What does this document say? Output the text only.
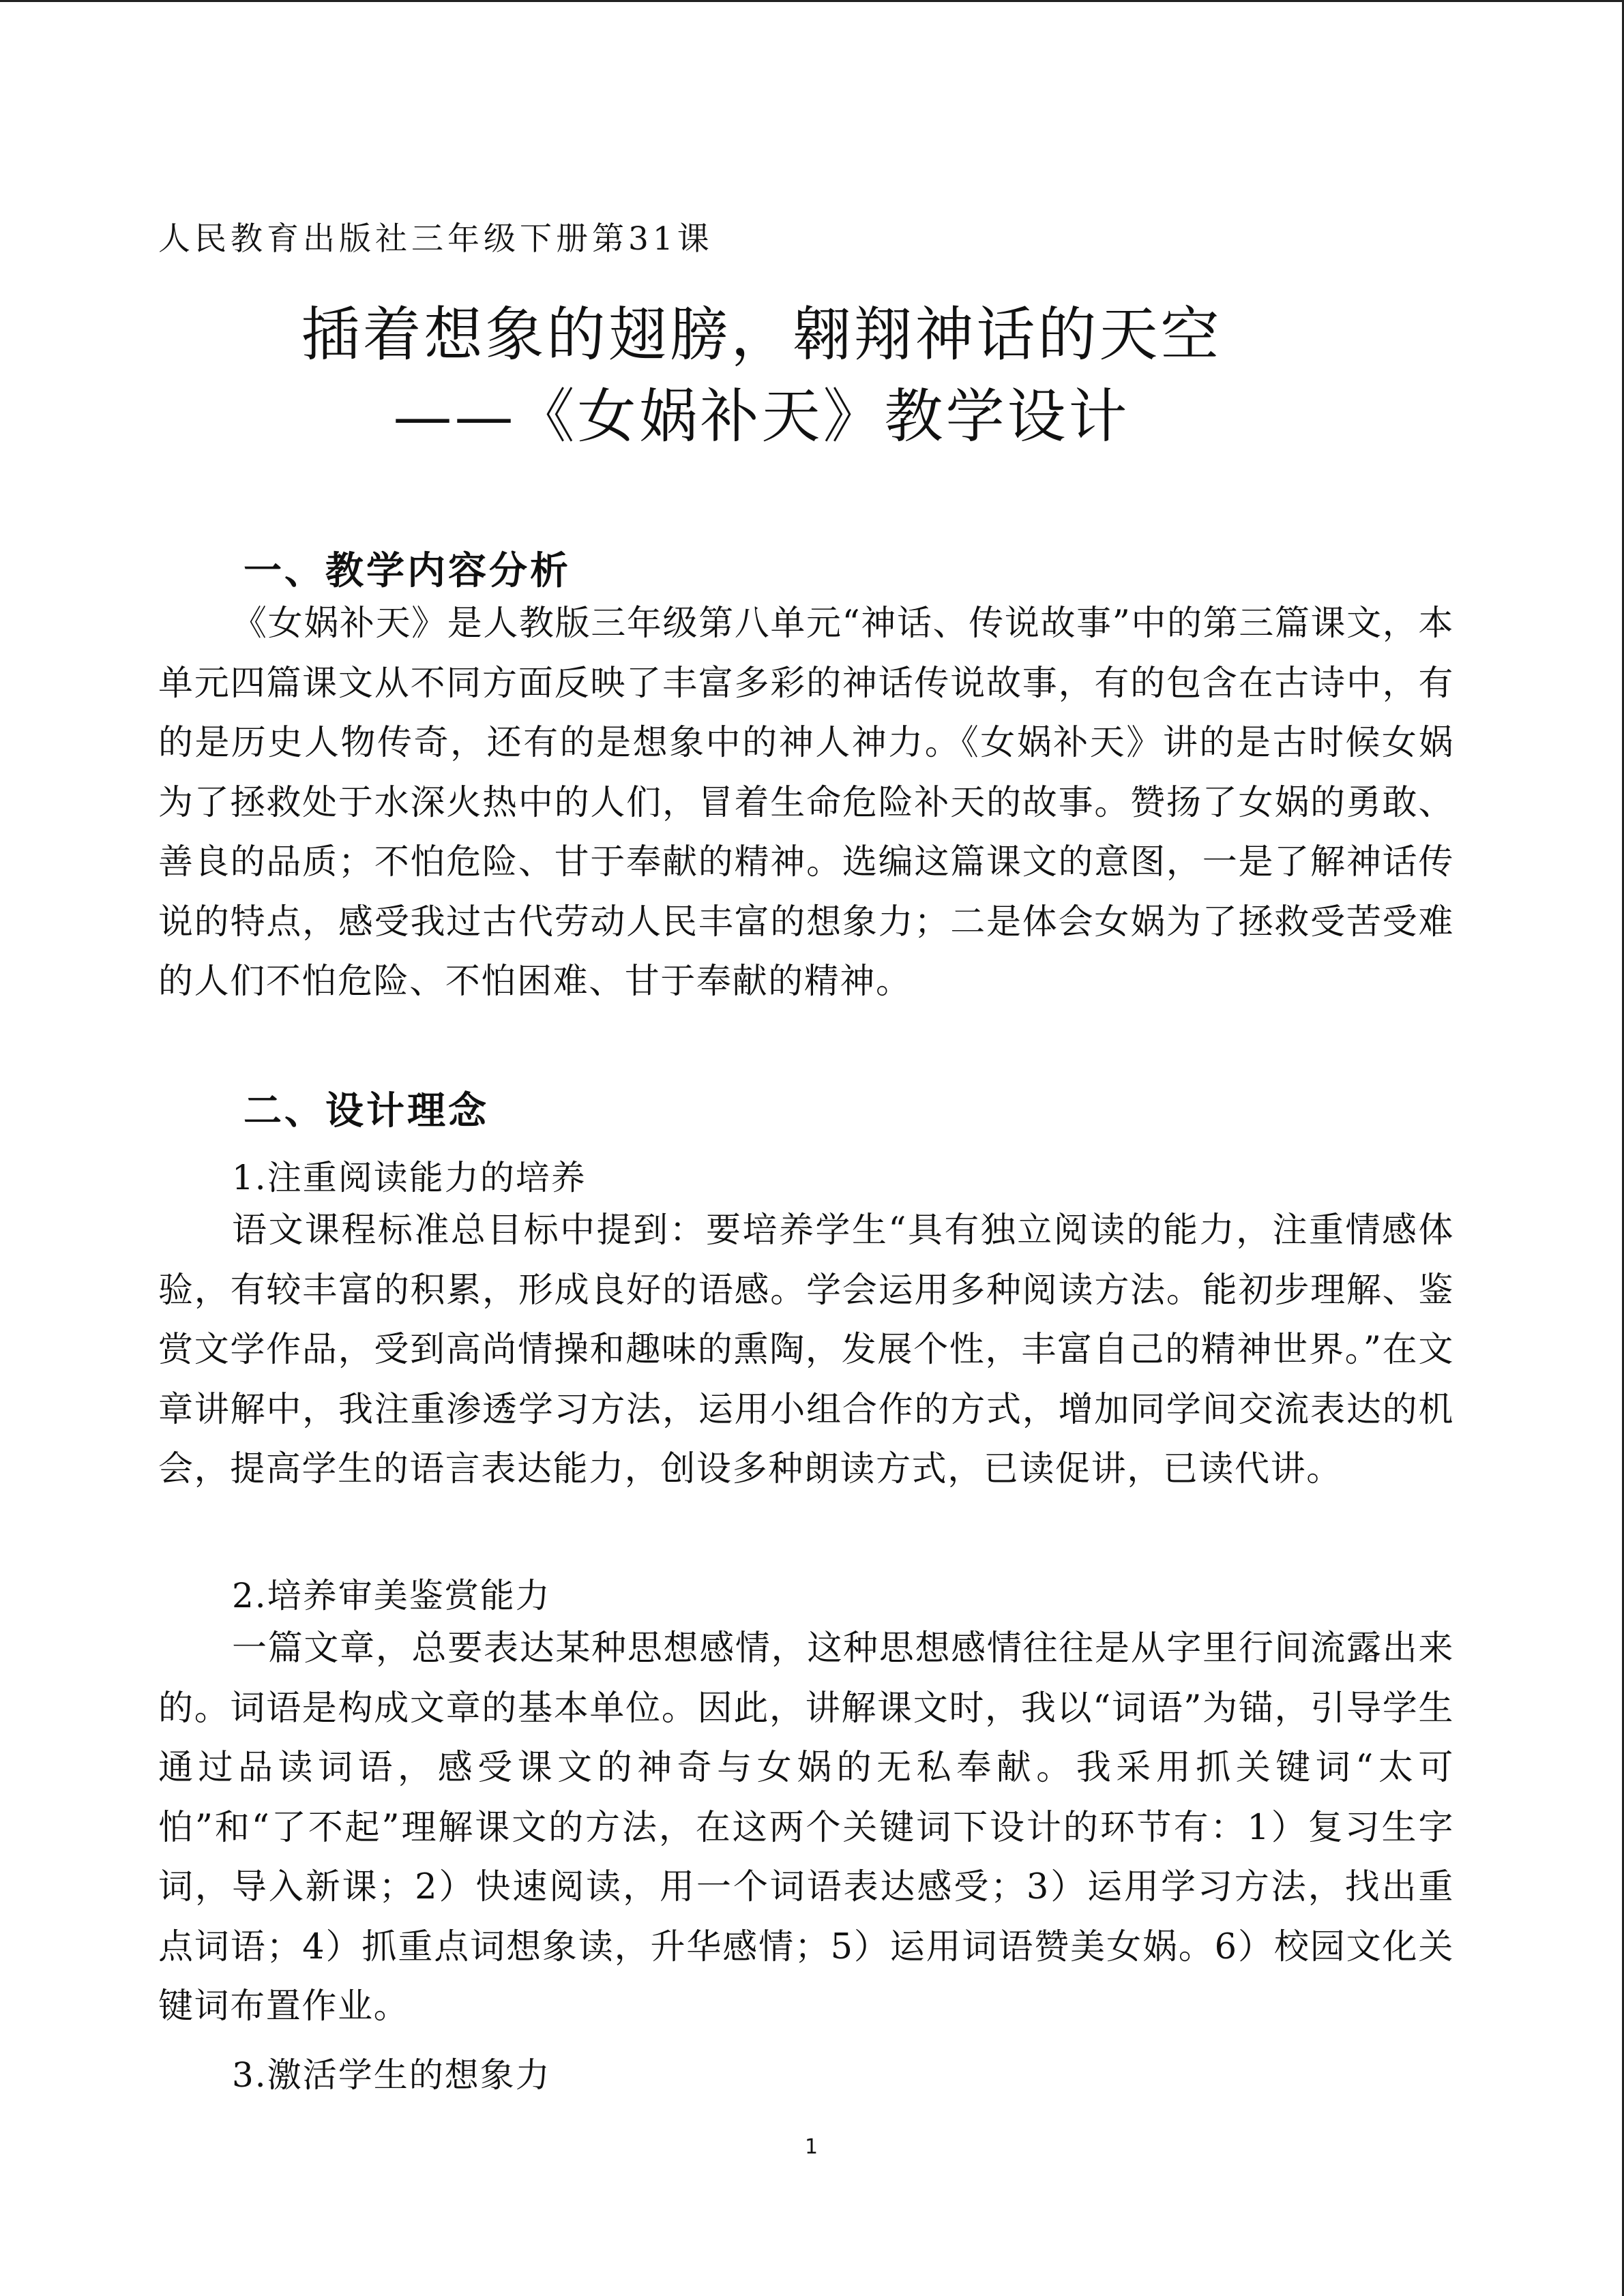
人民教育出版社三年级下册第31课
插着想象的翅膀，翱翔神话的天空
——《女娲补天》教学设计
一、教学内容分析
《女娲补天》是人教版三年级第八单元“神话、传说故事”中的第三篇课文，本单元四篇课文从不同方面反映了丰富多彩的神话传说故事，有的包含在古诗中，有的是历史人物传奇，还有的是想象中的神人神力。《女娲补天》讲的是古时候女娲为了拯救处于水深火热中的人们，冒着生命危险补天的故事。赞扬了女娲的勇敢、善良的品质；不怕危险、甘于奉献的精神。选编这篇课文的意图，一是了解神话传说的特点，感受我过古代劳动人民丰富的想象力；二是体会女娲为了拯救受苦受难的人们不怕危险、不怕困难、甘于奉献的精神。
二、设计理念
1.注重阅读能力的培养
语文课程标准总目标中提到：要培养学生“具有独立阅读的能力，注重情感体验，有较丰富的积累，形成良好的语感。学会运用多种阅读方法。能初步理解、鉴赏文学作品，受到高尚情操和趣味的熏陶，发展个性，丰富自己的精神世界。”在文章讲解中，我注重渗透学习方法，运用小组合作的方式，增加同学间交流表达的机会，提高学生的语言表达能力，创设多种朗读方式，已读促讲，已读代讲。
2.培养审美鉴赏能力
一篇文章，总要表达某种思想感情，这种思想感情往往是从字里行间流露出来的。词语是构成文章的基本单位。因此，讲解课文时，我以“词语”为锚，引导学生通过品读词语，感受课文的神奇与女娲的无私奉献。我采用抓关键词“太可怕”和“了不起”理解课文的方法，在这两个关键词下设计的环节有：1）复习生字词，导入新课；2）快速阅读，用一个词语表达感受；3）运用学习方法，找出重点词语；4）抓重点词想象读，升华感情；5）运用词语赞美女娲。6）校园文化关键词布置作业。
3.激活学生的想象力
1
